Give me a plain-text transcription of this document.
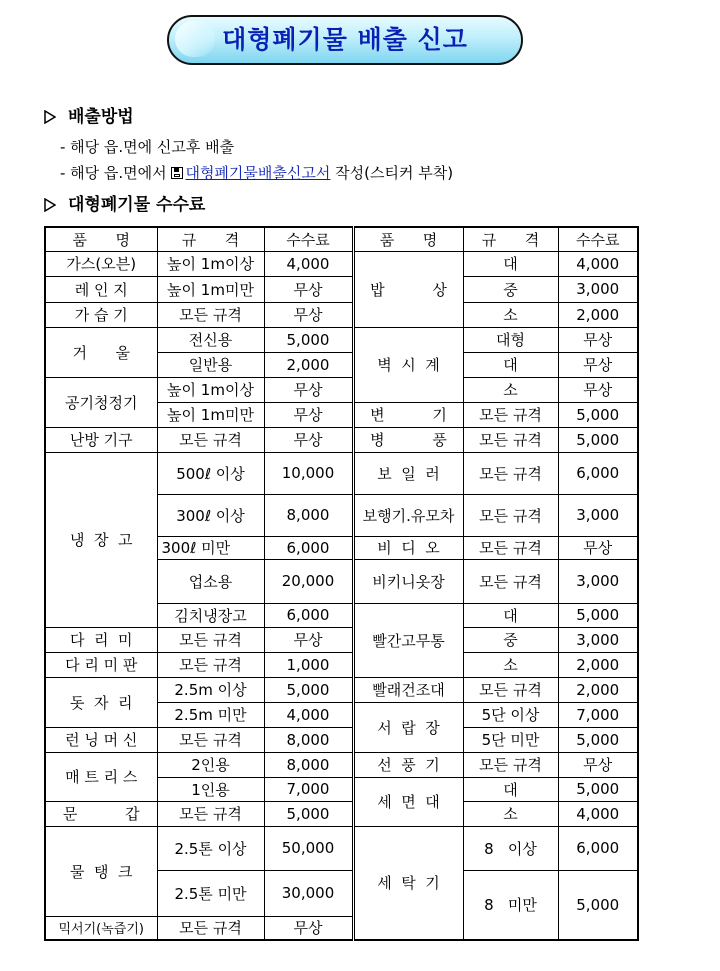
대형폐기물 배출 신고
배출방법
- 해당 읍.면에 신고후 배출
- 해당 읍.면에서 대형폐기물배출신고서 작성(스티커 부착)
대형폐기물 수수료
품      명	규      격	수수료	품      명	규      격	수수료
가스(오븐)	높이 1m이상	4,000	밥          상	대	4,000
레 인 지	높이 1m미만	무상		중	3,000
가 습 기	모든 규격	무상		소	2,000
거      울	전신용	5,000	벽  시  계	대형	무상
	일반용	2,000		대	무상
공기청정기	높이 1m이상	무상		소	무상
	높이 1m미만	무상	변          기	모든 규격	5,000
난방 기구	모든 규격	무상	병          풍	모든 규격	5,000
냉  장  고	500ℓ 이상	10,000	보  일  러	모든 규격	6,000
	300ℓ 이상	8,000	보행기.유모차	모든 규격	3,000
	300ℓ 미만	6,000	비  디  오	모든 규격	무상
	업소용	20,000	비키니옷장	모든 규격	3,000
	김치냉장고	6,000	빨간고무통	대	5,000
다  리  미	모든 규격	무상		중	3,000
다 리 미 판	모든 규격	1,000		소	2,000
돗  자  리	2.5m 이상	5,000	빨래건조대	모든 규격	2,000
	2.5m 미만	4,000	서  랍  장	5단 이상	7,000
런 닝 머 신	모든 규격	8,000		5단 미만	5,000
매 트 리 스	2인용	8,000	선  풍  기	모든 규격	무상
	1인용	7,000	세  면  대	대	5,000
문          갑	모든 규격	5,000		소	4,000
물  탱  크	2.5톤 이상	50,000	세  탁  기	8   이상	6,000
	2.5톤 미만	30,000		8   미만	5,000
믹서기(녹즙기)	모든 규격	무상			
